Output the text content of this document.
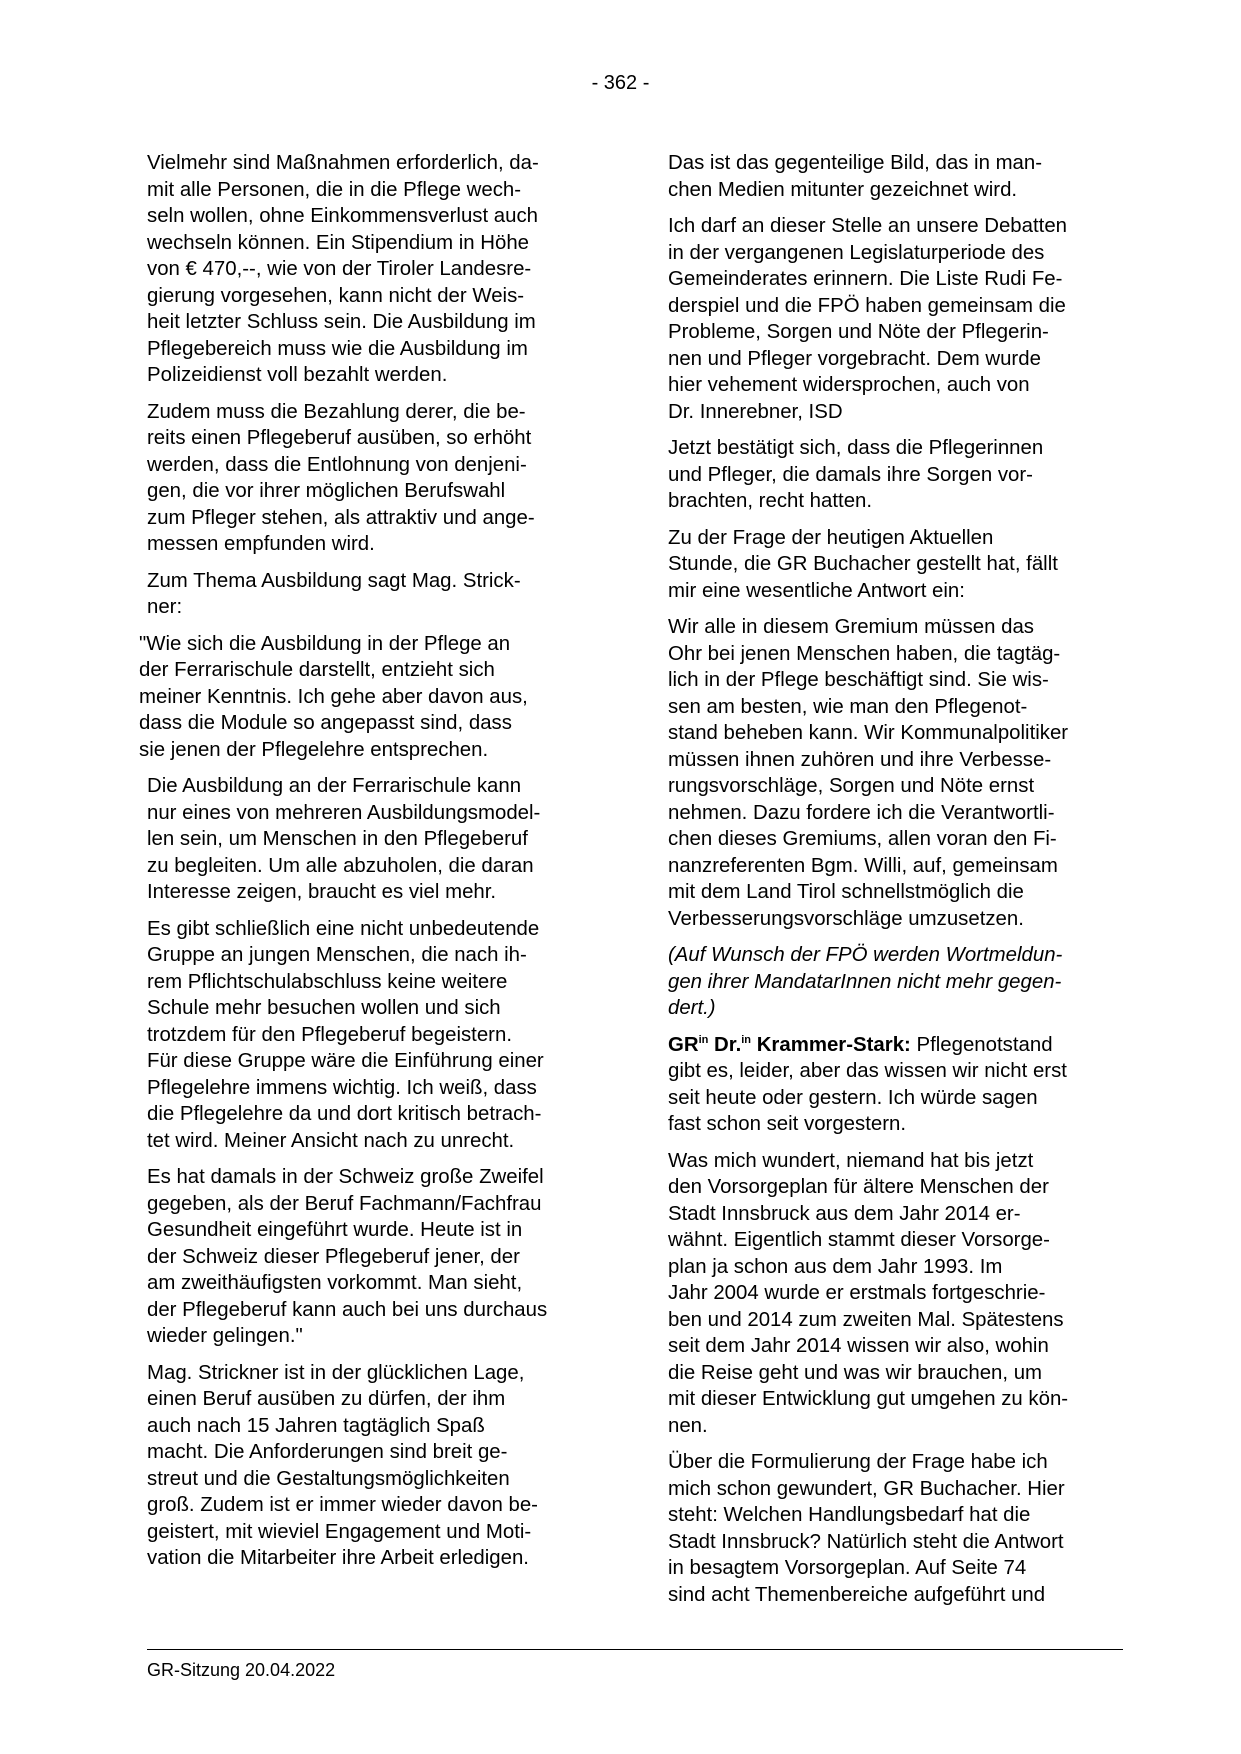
- 362 -

Vielmehr sind Maßnahmen erforderlich, da-
mit alle Personen, die in die Pflege wech-
seln wollen, ohne Einkommensverlust auch
wechseln können. Ein Stipendium in Höhe
von € 470,--, wie von der Tiroler Landesre-
gierung vorgesehen, kann nicht der Weis-
heit letzter Schluss sein. Die Ausbildung im
Pflegebereich muss wie die Ausbildung im
Polizeidienst voll bezahlt werden.

Zudem muss die Bezahlung derer, die be-
reits einen Pflegeberuf ausüben, so erhöht
werden, dass die Entlohnung von denjeni-
gen, die vor ihrer möglichen Berufswahl
zum Pfleger stehen, als attraktiv und ange-
messen empfunden wird.

Zum Thema Ausbildung sagt Mag. Strick-
ner:

"Wie sich die Ausbildung in der Pflege an
der Ferrarischule darstellt, entzieht sich
meiner Kenntnis. Ich gehe aber davon aus,
dass die Module so angepasst sind, dass
sie jenen der Pflegelehre entsprechen.

Die Ausbildung an der Ferrarischule kann
nur eines von mehreren Ausbildungsmodel-
len sein, um Menschen in den Pflegeberuf
zu begleiten. Um alle abzuholen, die daran
Interesse zeigen, braucht es viel mehr.

Es gibt schließlich eine nicht unbedeutende
Gruppe an jungen Menschen, die nach ih-
rem Pflichtschulabschluss keine weitere
Schule mehr besuchen wollen und sich
trotzdem für den Pflegeberuf begeistern.
Für diese Gruppe wäre die Einführung einer
Pflegelehre immens wichtig. Ich weiß, dass
die Pflegelehre da und dort kritisch betrach-
tet wird. Meiner Ansicht nach zu unrecht.

Es hat damals in der Schweiz große Zweifel
gegeben, als der Beruf Fachmann/Fachfrau
Gesundheit eingeführt wurde. Heute ist in
der Schweiz dieser Pflegeberuf jener, der
am zweithäufigsten vorkommt. Man sieht,
der Pflegeberuf kann auch bei uns durchaus
wieder gelingen."

Mag. Strickner ist in der glücklichen Lage,
einen Beruf ausüben zu dürfen, der ihm
auch nach 15 Jahren tagtäglich Spaß
macht. Die Anforderungen sind breit ge-
streut und die Gestaltungsmöglichkeiten
groß. Zudem ist er immer wieder davon be-
geistert, mit wieviel Engagement und Moti-
vation die Mitarbeiter ihre Arbeit erledigen.

Das ist das gegenteilige Bild, das in man-
chen Medien mitunter gezeichnet wird.

Ich darf an dieser Stelle an unsere Debatten
in der vergangenen Legislaturperiode des
Gemeinderates erinnern. Die Liste Rudi Fe-
derspiel und die FPÖ haben gemeinsam die
Probleme, Sorgen und Nöte der Pflegerin-
nen und Pfleger vorgebracht. Dem wurde
hier vehement widersprochen, auch von
Dr. Innerebner, ISD

Jetzt bestätigt sich, dass die Pflegerinnen
und Pfleger, die damals ihre Sorgen vor-
brachten, recht hatten.

Zu der Frage der heutigen Aktuellen
Stunde, die GR Buchacher gestellt hat, fällt
mir eine wesentliche Antwort ein:

Wir alle in diesem Gremium müssen das
Ohr bei jenen Menschen haben, die tagtäg-
lich in der Pflege beschäftigt sind. Sie wis-
sen am besten, wie man den Pflegenot-
stand beheben kann. Wir Kommunalpolitiker
müssen ihnen zuhören und ihre Verbesse-
rungsvorschläge, Sorgen und Nöte ernst
nehmen. Dazu fordere ich die Verantwortli-
chen dieses Gremiums, allen voran den Fi-
nanzreferenten Bgm. Willi, auf, gemeinsam
mit dem Land Tirol schnellstmöglich die
Verbesserungsvorschläge umzusetzen.

(Auf Wunsch der FPÖ werden Wortmeldun-
gen ihrer MandatarInnen nicht mehr gegen-
dert.)

$GR^{in}$ Dr.$^{in}$ Krammer-Stark: Pflegenotstand
gibt es, leider, aber das wissen wir nicht erst
seit heute oder gestern. Ich würde sagen
fast schon seit vorgestern.

Was mich wundert, niemand hat bis jetzt
den Vorsorgeplan für ältere Menschen der
Stadt Innsbruck aus dem Jahr 2014 er-
wähnt. Eigentlich stammt dieser Vorsorge-
plan ja schon aus dem Jahr 1993. Im
Jahr 2004 wurde er erstmals fortgeschrie-
ben und 2014 zum zweiten Mal. Spätestens
seit dem Jahr 2014 wissen wir also, wohin
die Reise geht und was wir brauchen, um
mit dieser Entwicklung gut umgehen zu kön-
nen.

Über die Formulierung der Frage habe ich
mich schon gewundert, GR Buchacher. Hier
steht: Welchen Handlungsbedarf hat die
Stadt Innsbruck? Natürlich steht die Antwort
in besagtem Vorsorgeplan. Auf Seite 74
sind acht Themenbereiche aufgeführt und

GR-Sitzung 20.04.2022
